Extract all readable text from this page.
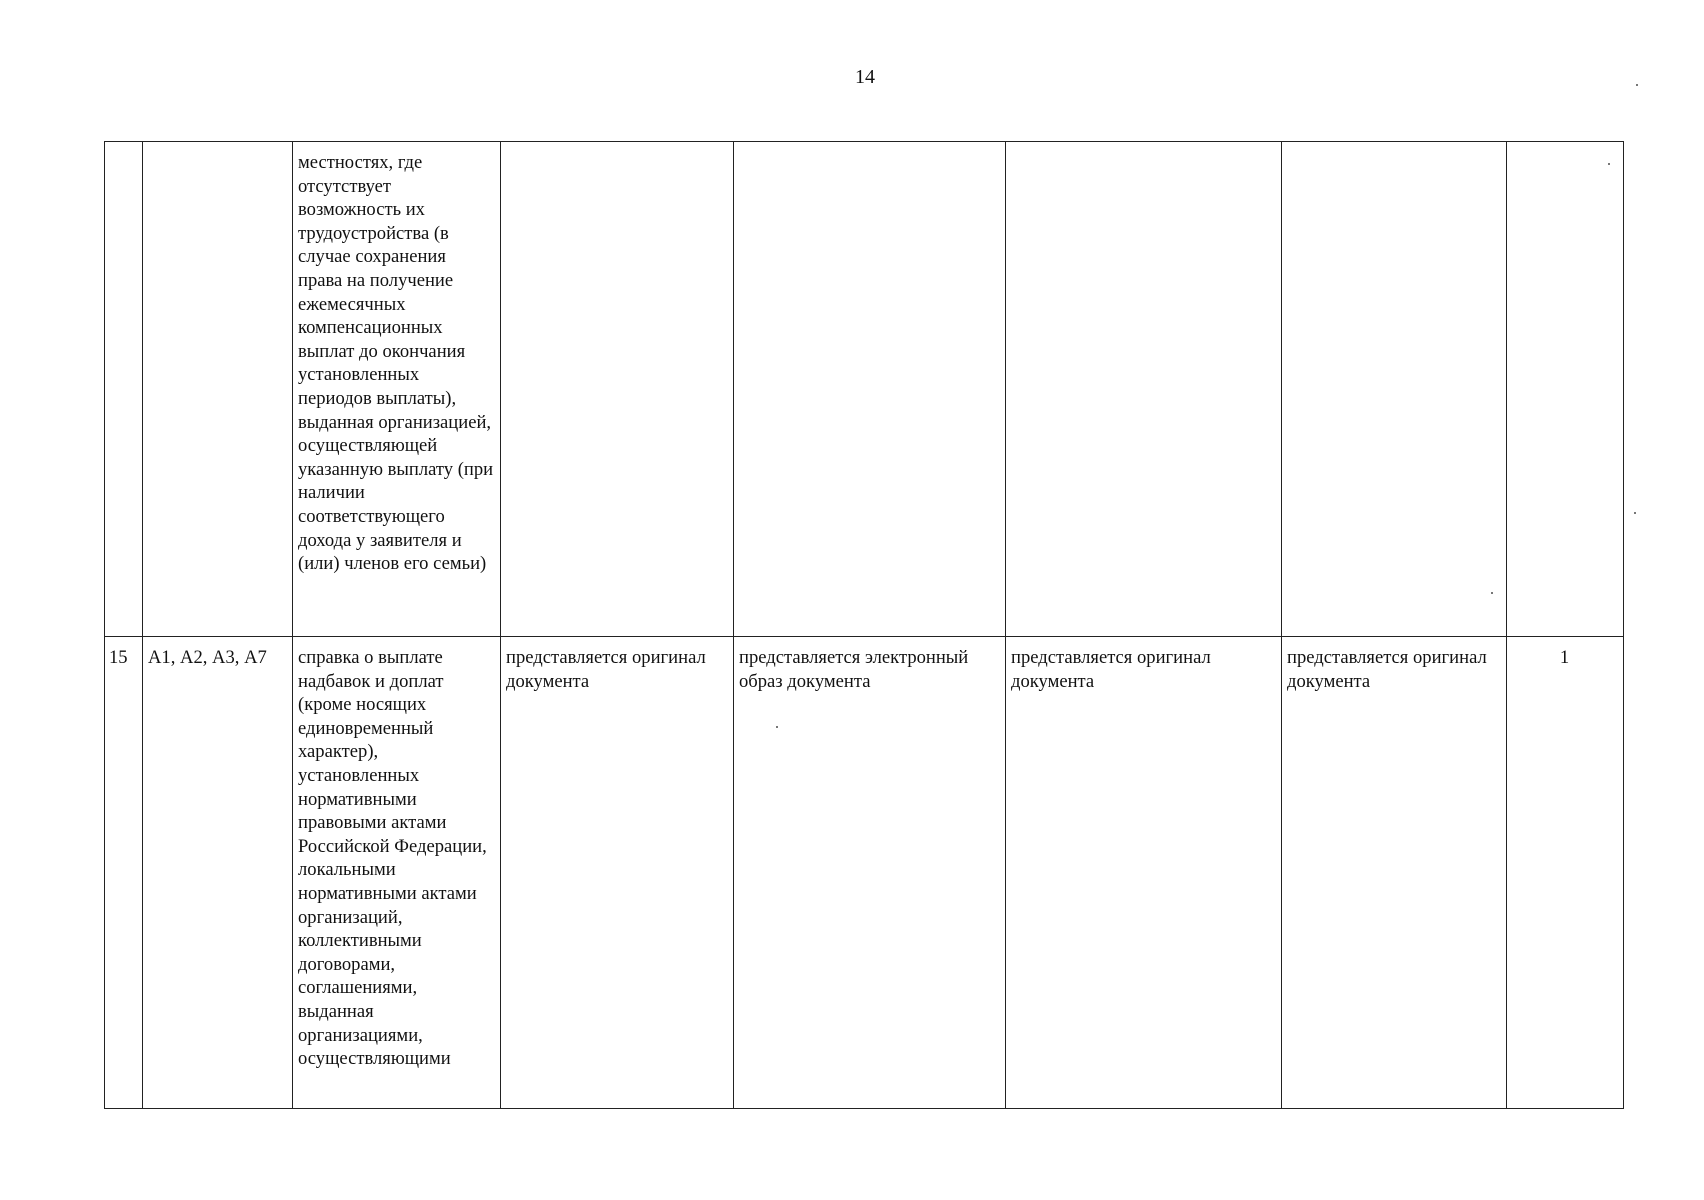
14
		местностях, где отсутствует возможность их трудоустройства (в случае сохранения права на получение ежемесячных компенсационных выплат до окончания установленных периодов выплаты), выданная организацией, осуществляющей указанную выплату (при наличии соответствующего дохода у заявителя и (или) членов его семьи)					
15	А1, А2, А3, А7	справка о выплате надбавок и доплат (кроме носящих единовременный характер), установленных нормативными правовыми актами Российской Федерации, локальными нормативными актами организаций, коллективными договорами, соглашениями, выданная организациями, осуществляющими	представляется оригинал документа	представляется электронный образ документа	представляется оригинал документа	представляется оригинал документа	1
